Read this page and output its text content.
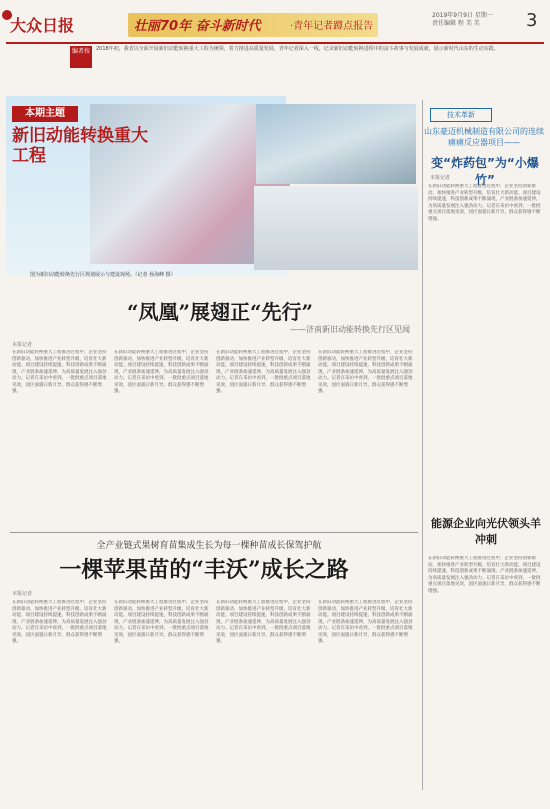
大众日报	壮丽70年 奋斗新时代	·青年记者蹲点报告
2019年9月9日 星期一
责任编辑 程 美 美	3
编者按	2018年初，我省以全面开展新旧动能转换重大工程为统领，着力推进高质量发展。青年记者深入一线，记录新旧动能转换进程中的奋斗故事与发展成就，展示新时代山东的生动实践。
本期主题
新旧动能转换重大工程
图为新旧动能转换先行区规划展示与建设现场。（记者 孙海峰 摄）
技术革新
山东豪迈机械制造有限公司的连续痛痛反应器项目——
变“炸药包”为“小爆竹”
本报记者
在新旧动能转换重大工程推进过程中，企业坚持创新驱动，加快推进产业转型升级，培育壮大新动能。项目建设持续提速，科技创新成果不断涌现，产业链条加速延伸，为高质量发展注入强劲动力。记者在采访中看到，一批批重点项目落地见效，园区面貌日新月异，群众获得感不断增强。
能源企业向光伏领头羊冲刺
在新旧动能转换重大工程推进过程中，企业坚持创新驱动，加快推进产业转型升级，培育壮大新动能。项目建设持续提速，科技创新成果不断涌现，产业链条加速延伸，为高质量发展注入强劲动力。记者在采访中看到，一批批重点项目落地见效，园区面貌日新月异，群众获得感不断增强。
“凤凰”展翅正“先行”
——济南新旧动能转换先行区见闻
本报记者
在新旧动能转换重大工程推进过程中，企业坚持创新驱动，加快推进产业转型升级，培育壮大新动能。项目建设持续提速，科技创新成果不断涌现，产业链条加速延伸，为高质量发展注入强劲动力。记者在采访中看到，一批批重点项目落地见效，园区面貌日新月异，群众获得感不断增强。
在新旧动能转换重大工程推进过程中，企业坚持创新驱动，加快推进产业转型升级，培育壮大新动能。项目建设持续提速，科技创新成果不断涌现，产业链条加速延伸，为高质量发展注入强劲动力。记者在采访中看到，一批批重点项目落地见效，园区面貌日新月异，群众获得感不断增强。
在新旧动能转换重大工程推进过程中，企业坚持创新驱动，加快推进产业转型升级，培育壮大新动能。项目建设持续提速，科技创新成果不断涌现，产业链条加速延伸，为高质量发展注入强劲动力。记者在采访中看到，一批批重点项目落地见效，园区面貌日新月异，群众获得感不断增强。
在新旧动能转换重大工程推进过程中，企业坚持创新驱动，加快推进产业转型升级，培育壮大新动能。项目建设持续提速，科技创新成果不断涌现，产业链条加速延伸，为高质量发展注入强劲动力。记者在采访中看到，一批批重点项目落地见效，园区面貌日新月异，群众获得感不断增强。
全产业链式果树育苗集成生长为每一棵种苗成长保驾护航
一棵苹果苗的“丰沃”成长之路
本报记者
在新旧动能转换重大工程推进过程中，企业坚持创新驱动，加快推进产业转型升级，培育壮大新动能。项目建设持续提速，科技创新成果不断涌现，产业链条加速延伸，为高质量发展注入强劲动力。记者在采访中看到，一批批重点项目落地见效，园区面貌日新月异，群众获得感不断增强。
在新旧动能转换重大工程推进过程中，企业坚持创新驱动，加快推进产业转型升级，培育壮大新动能。项目建设持续提速，科技创新成果不断涌现，产业链条加速延伸，为高质量发展注入强劲动力。记者在采访中看到，一批批重点项目落地见效，园区面貌日新月异，群众获得感不断增强。
在新旧动能转换重大工程推进过程中，企业坚持创新驱动，加快推进产业转型升级，培育壮大新动能。项目建设持续提速，科技创新成果不断涌现，产业链条加速延伸，为高质量发展注入强劲动力。记者在采访中看到，一批批重点项目落地见效，园区面貌日新月异，群众获得感不断增强。
在新旧动能转换重大工程推进过程中，企业坚持创新驱动，加快推进产业转型升级，培育壮大新动能。项目建设持续提速，科技创新成果不断涌现，产业链条加速延伸，为高质量发展注入强劲动力。记者在采访中看到，一批批重点项目落地见效，园区面貌日新月异，群众获得感不断增强。
